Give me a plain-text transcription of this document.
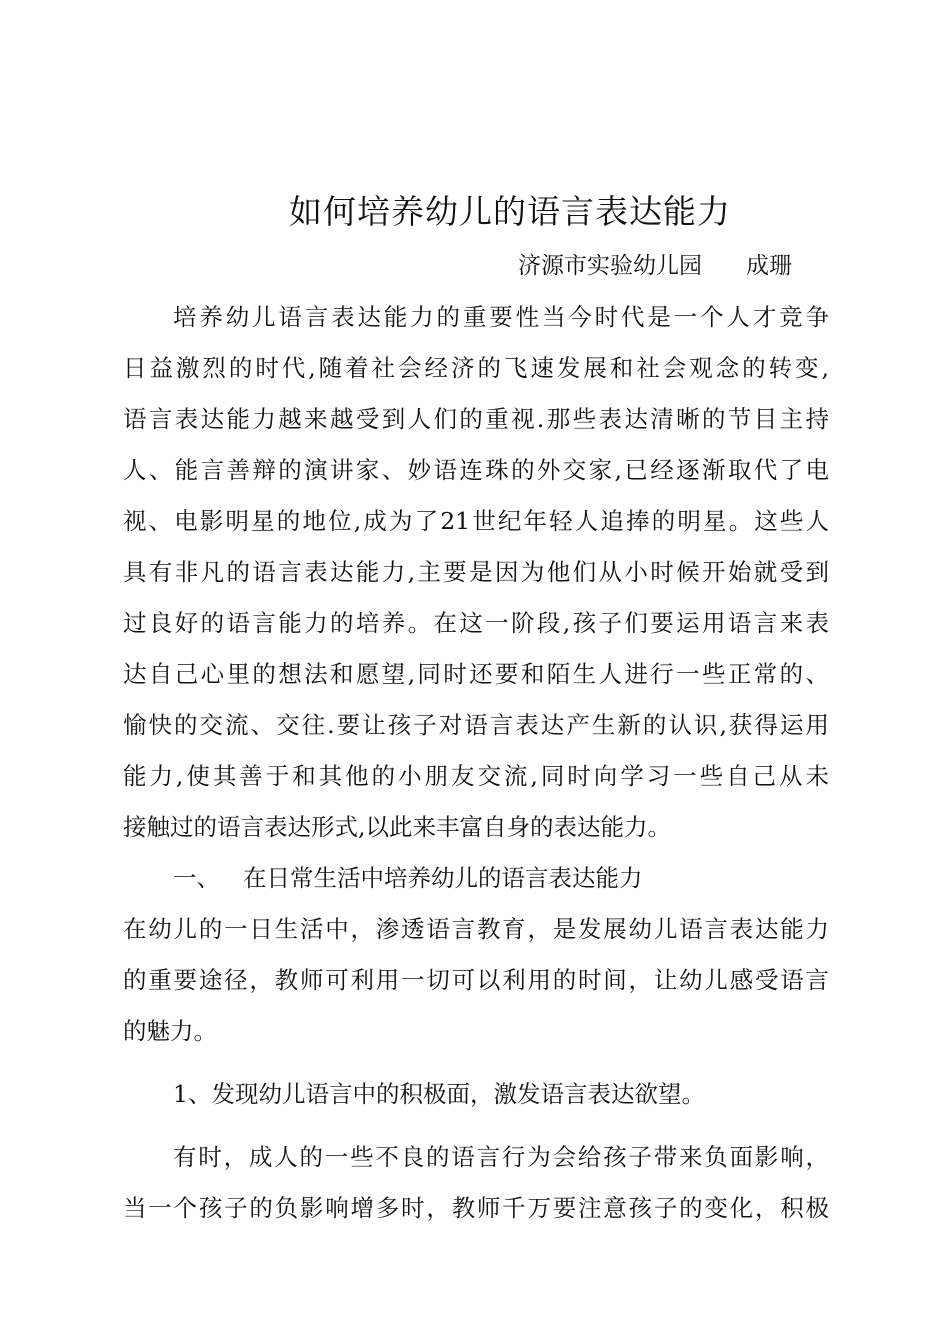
如何培养幼儿的语言表达能力
济源市实验幼儿园 成珊
培养幼儿语言表达能力的重要性当今时代是一个人才竞争
日益激烈的时代,随着社会经济的飞速发展和社会观念的转变,
语言表达能力越来越受到人们的重视.那些表达清晰的节目主持
人、能言善辩的演讲家、妙语连珠的外交家,已经逐渐取代了电
视、电影明星的地位,成为了21世纪年轻人追捧的明星。这些人
具有非凡的语言表达能力,主要是因为他们从小时候开始就受到
过良好的语言能力的培养。在这一阶段,孩子们要运用语言来表
达自己心里的想法和愿望,同时还要和陌生人进行一些正常的、
愉快的交流、交往.要让孩子对语言表达产生新的认识,获得运用
能力,使其善于和其他的小朋友交流,同时向学习一些自己从未
接触过的语言表达形式,以此来丰富自身的表达能力。
一、 在日常生活中培养幼儿的语言表达能力
在幼儿的一日生活中，渗透语言教育，是发展幼儿语言表达能力
的重要途径，教师可利用一切可以利用的时间，让幼儿感受语言
的魅力。
1、发现幼儿语言中的积极面，激发语言表达欲望。
有时，成人的一些不良的语言行为会给孩子带来负面影响，
当一个孩子的负影响增多时，教师千万要注意孩子的变化，积极
